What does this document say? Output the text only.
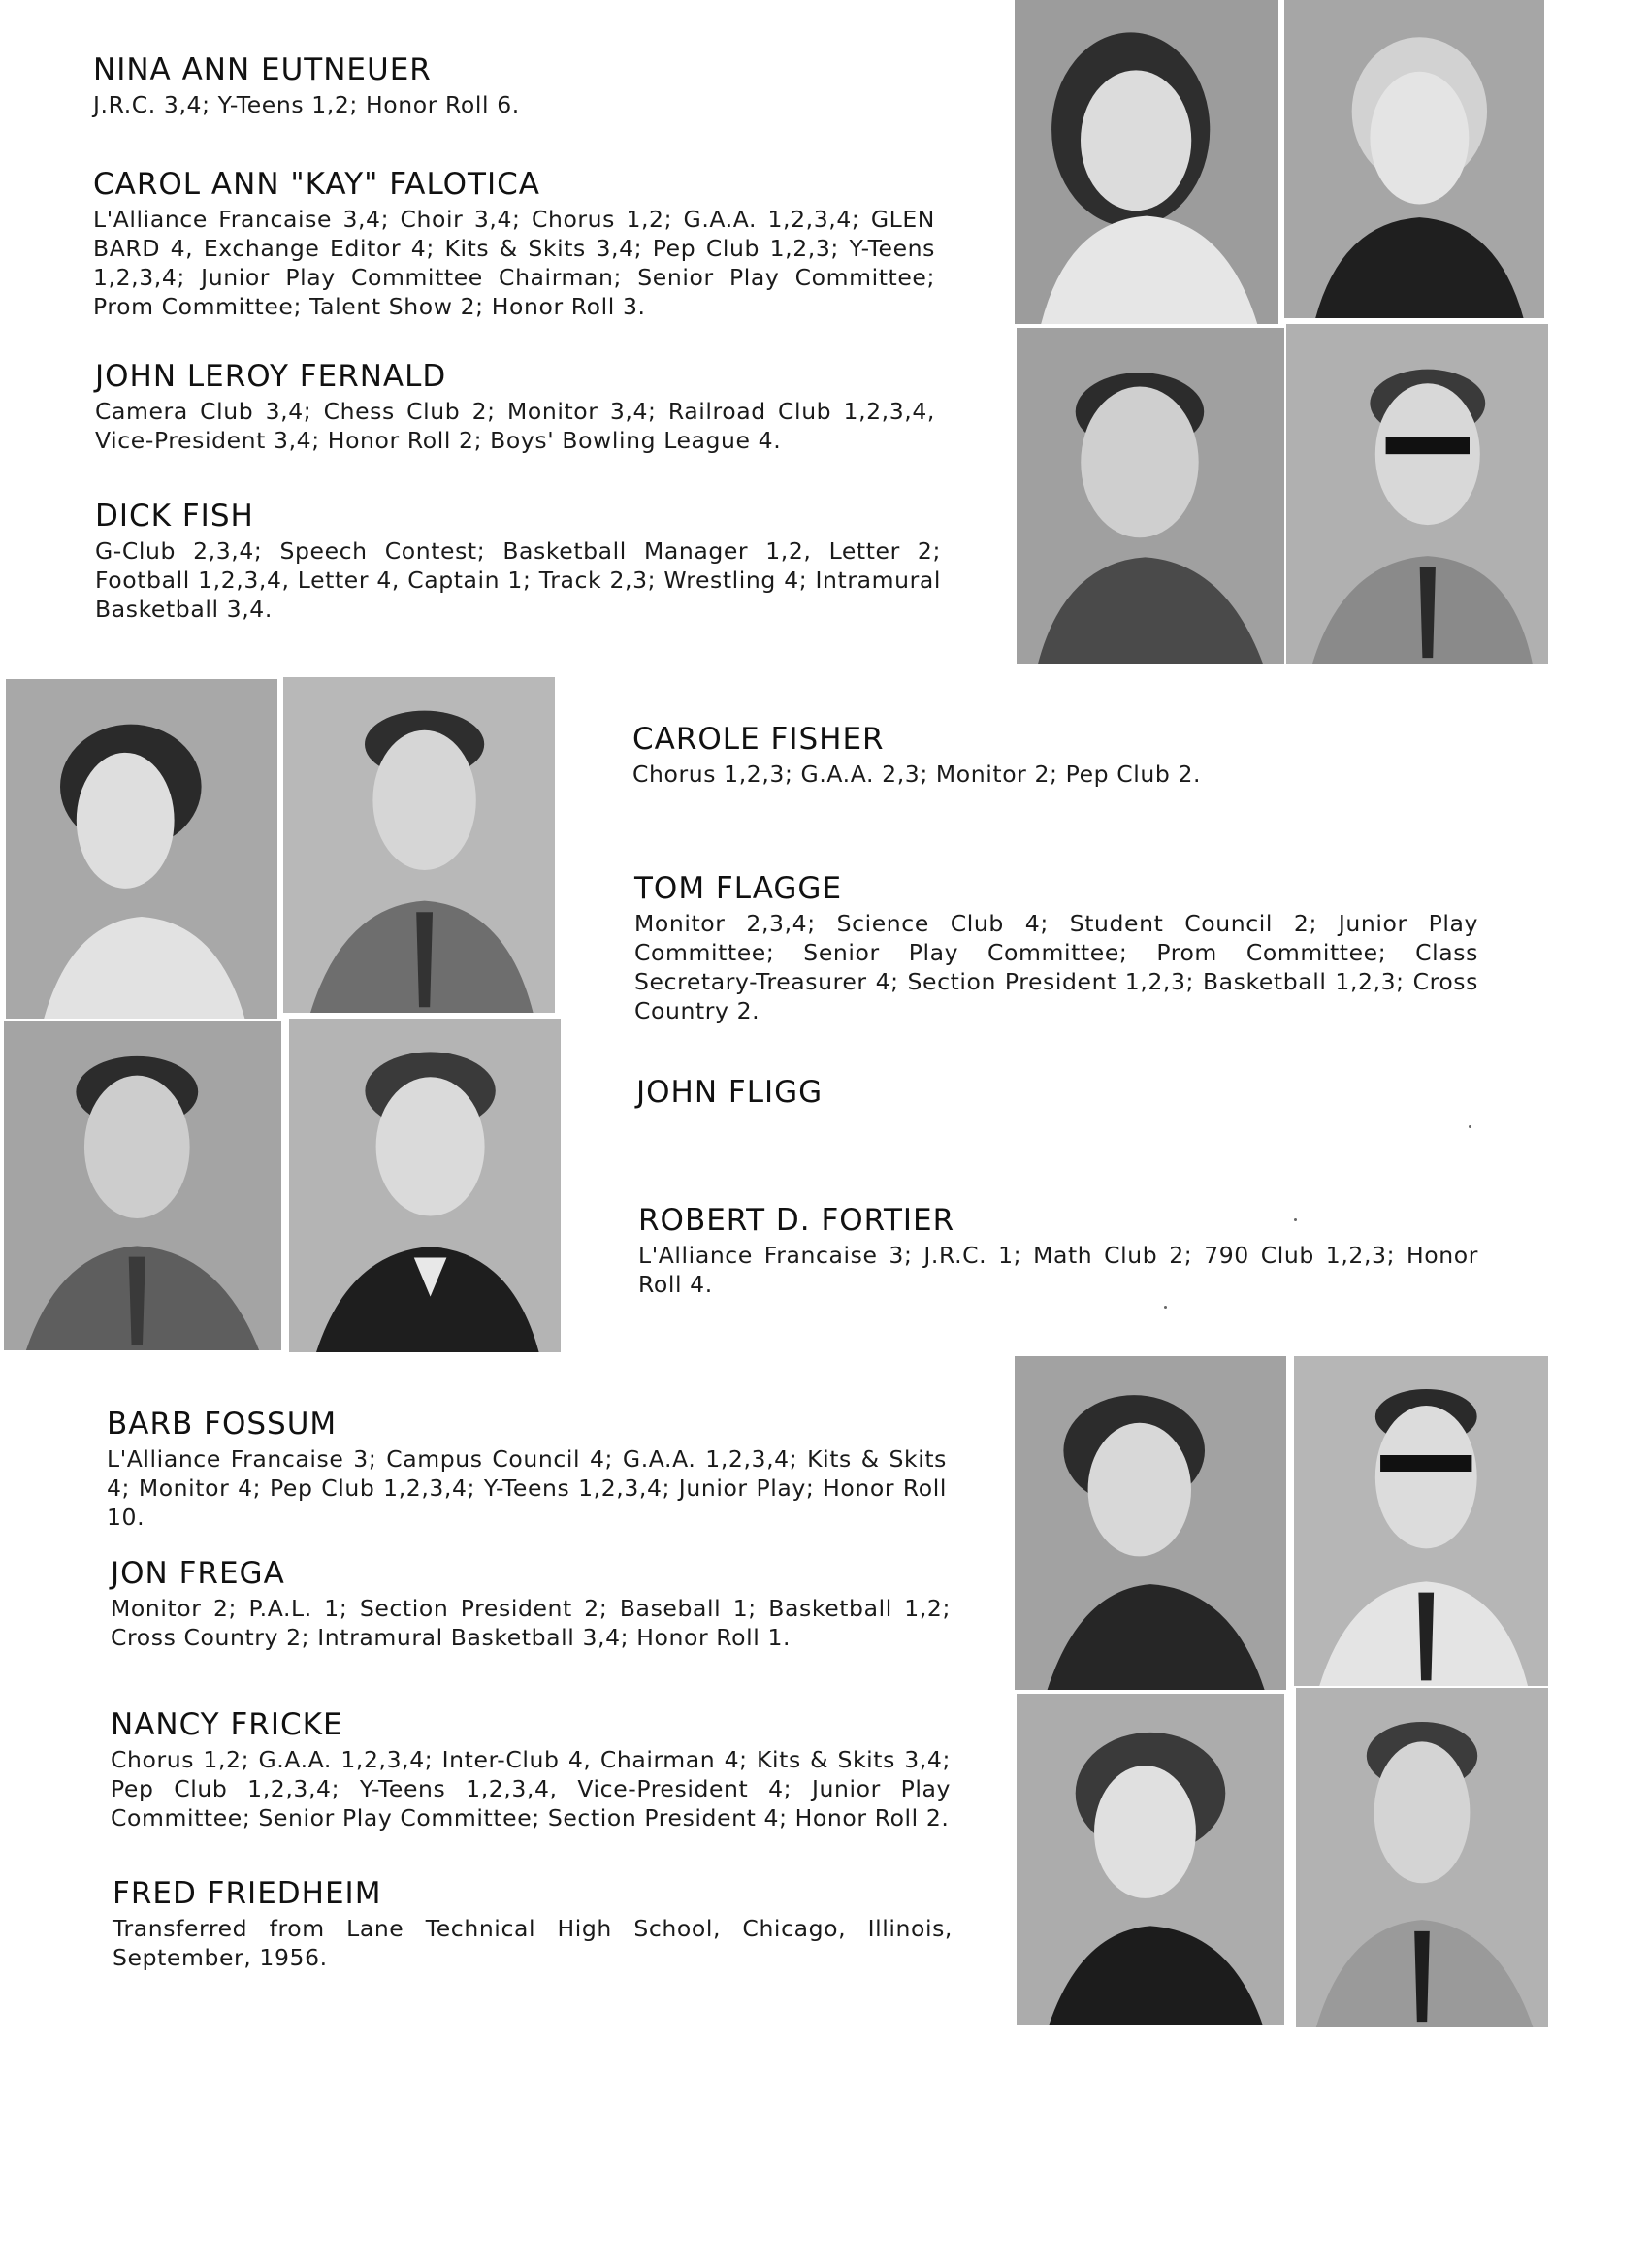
NINA ANN EUTNEUER

J.R.C. 3,4; Y-Teens 1,2; Honor Roll 6.

CAROL ANN "KAY" FALOTICA

L'Alliance Francaise 3,4; Choir 3,4; Chorus 1,2; G.A.A. 1,2,3,4; GLEN BARD 4, Exchange Editor 4; Kits & Skits 3,4; Pep Club 1,2,3; Y-Teens 1,2,3,4; Junior Play Committee Chairman; Senior Play Committee; Prom Committee; Talent Show 2; Honor Roll 3.

JOHN LEROY FERNALD

Camera Club 3,4; Chess Club 2; Monitor 3,4; Railroad Club 1,2,3,4, Vice-President 3,4; Honor Roll 2; Boys' Bowling League 4.

DICK FISH

G-Club 2,3,4; Speech Contest; Basketball Manager 1,2, Letter 2; Football 1,2,3,4, Letter 4, Captain 1; Track 2,3; Wrestling 4; Intramural Basketball 3,4.

CAROLE FISHER

Chorus 1,2,3; G.A.A. 2,3; Monitor 2; Pep Club 2.

TOM FLAGGE

Monitor 2,3,4; Science Club 4; Student Council 2; Junior Play Committee; Senior Play Committee; Prom Committee; Class Secretary-Treasurer 4; Section President 1,2,3; Basketball 1,2,3; Cross Country 2.

JOHN FLIGG
ROBERT D. FORTIER

L'Alliance Francaise 3; J.R.C. 1; Math Club 2; 790 Club 1,2,3; Honor Roll 4.

BARB FOSSUM

L'Alliance Francaise 3; Campus Council 4; G.A.A. 1,2,3,4; Kits & Skits 4; Monitor 4; Pep Club 1,2,3,4; Y-Teens 1,2,3,4; Junior Play; Honor Roll 10.

JON FREGA

Monitor 2; P.A.L. 1; Section President 2; Baseball 1; Basketball 1,2; Cross Country 2; Intramural Basketball 3,4; Honor Roll 1.

NANCY FRICKE

Chorus 1,2; G.A.A. 1,2,3,4; Inter-Club 4, Chairman 4; Kits & Skits 3,4; Pep Club 1,2,3,4; Y-Teens 1,2,3,4, Vice-President 4; Junior Play Committee; Senior Play Committee; Section President 4; Honor Roll 2.

FRED FRIEDHEIM

Transferred from Lane Technical High School, Chicago, Illinois, September, 1956.
